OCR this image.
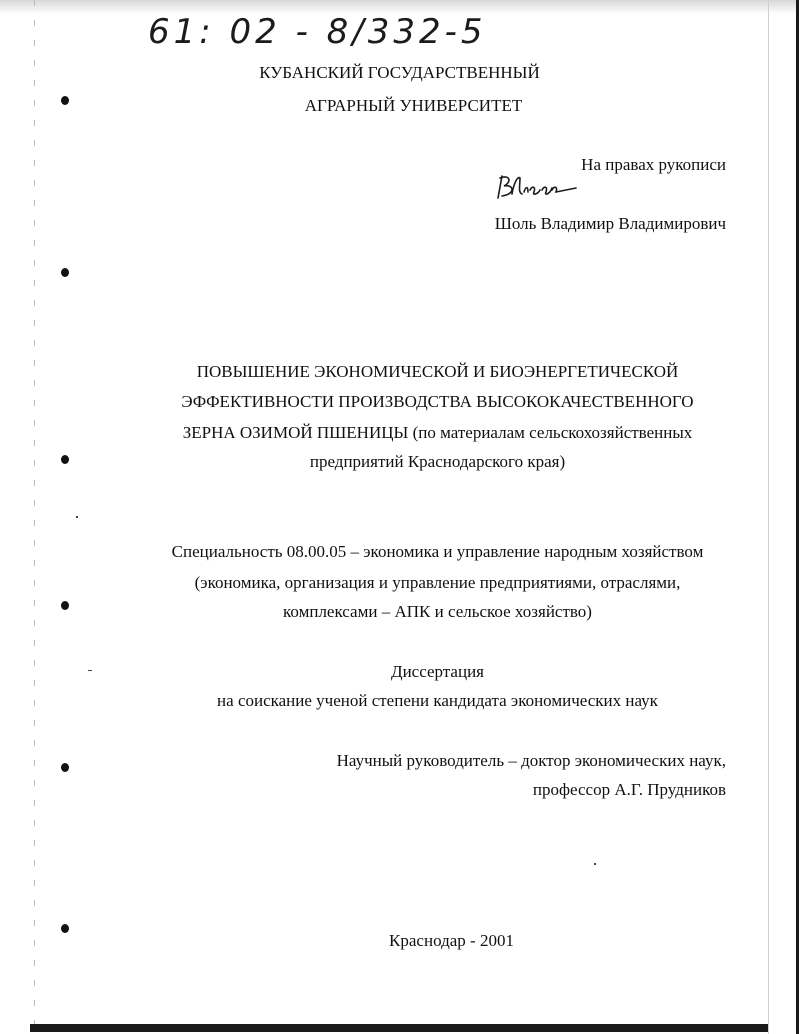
61: 02 - 8/332-5
КУБАНСКИЙ ГОСУДАРСТВЕННЫЙ
АГРАРНЫЙ УНИВЕРСИТЕТ
На правах рукописи
Шоль Владимир Владимирович
ПОВЫШЕНИЕ ЭКОНОМИЧЕСКОЙ И БИОЭНЕРГЕТИЧЕСКОЙ
ЭФФЕКТИВНОСТИ ПРОИЗВОДСТВА ВЫСОКОКАЧЕСТВЕННОГО
ЗЕРНА ОЗИМОЙ ПШЕНИЦЫ (по материалам сельскохозяйственных
предприятий Краснодарского края)
Специальность 08.00.05 – экономика и управление народным хозяйством
(экономика, организация и управление предприятиями, отраслями,
комплексами – АПК и сельское хозяйство)
Диссертация
на соискание ученой степени кандидата экономических наук
Научный руководитель – доктор экономических наук,
профессор А.Г. Прудников
Краснодар - 2001
